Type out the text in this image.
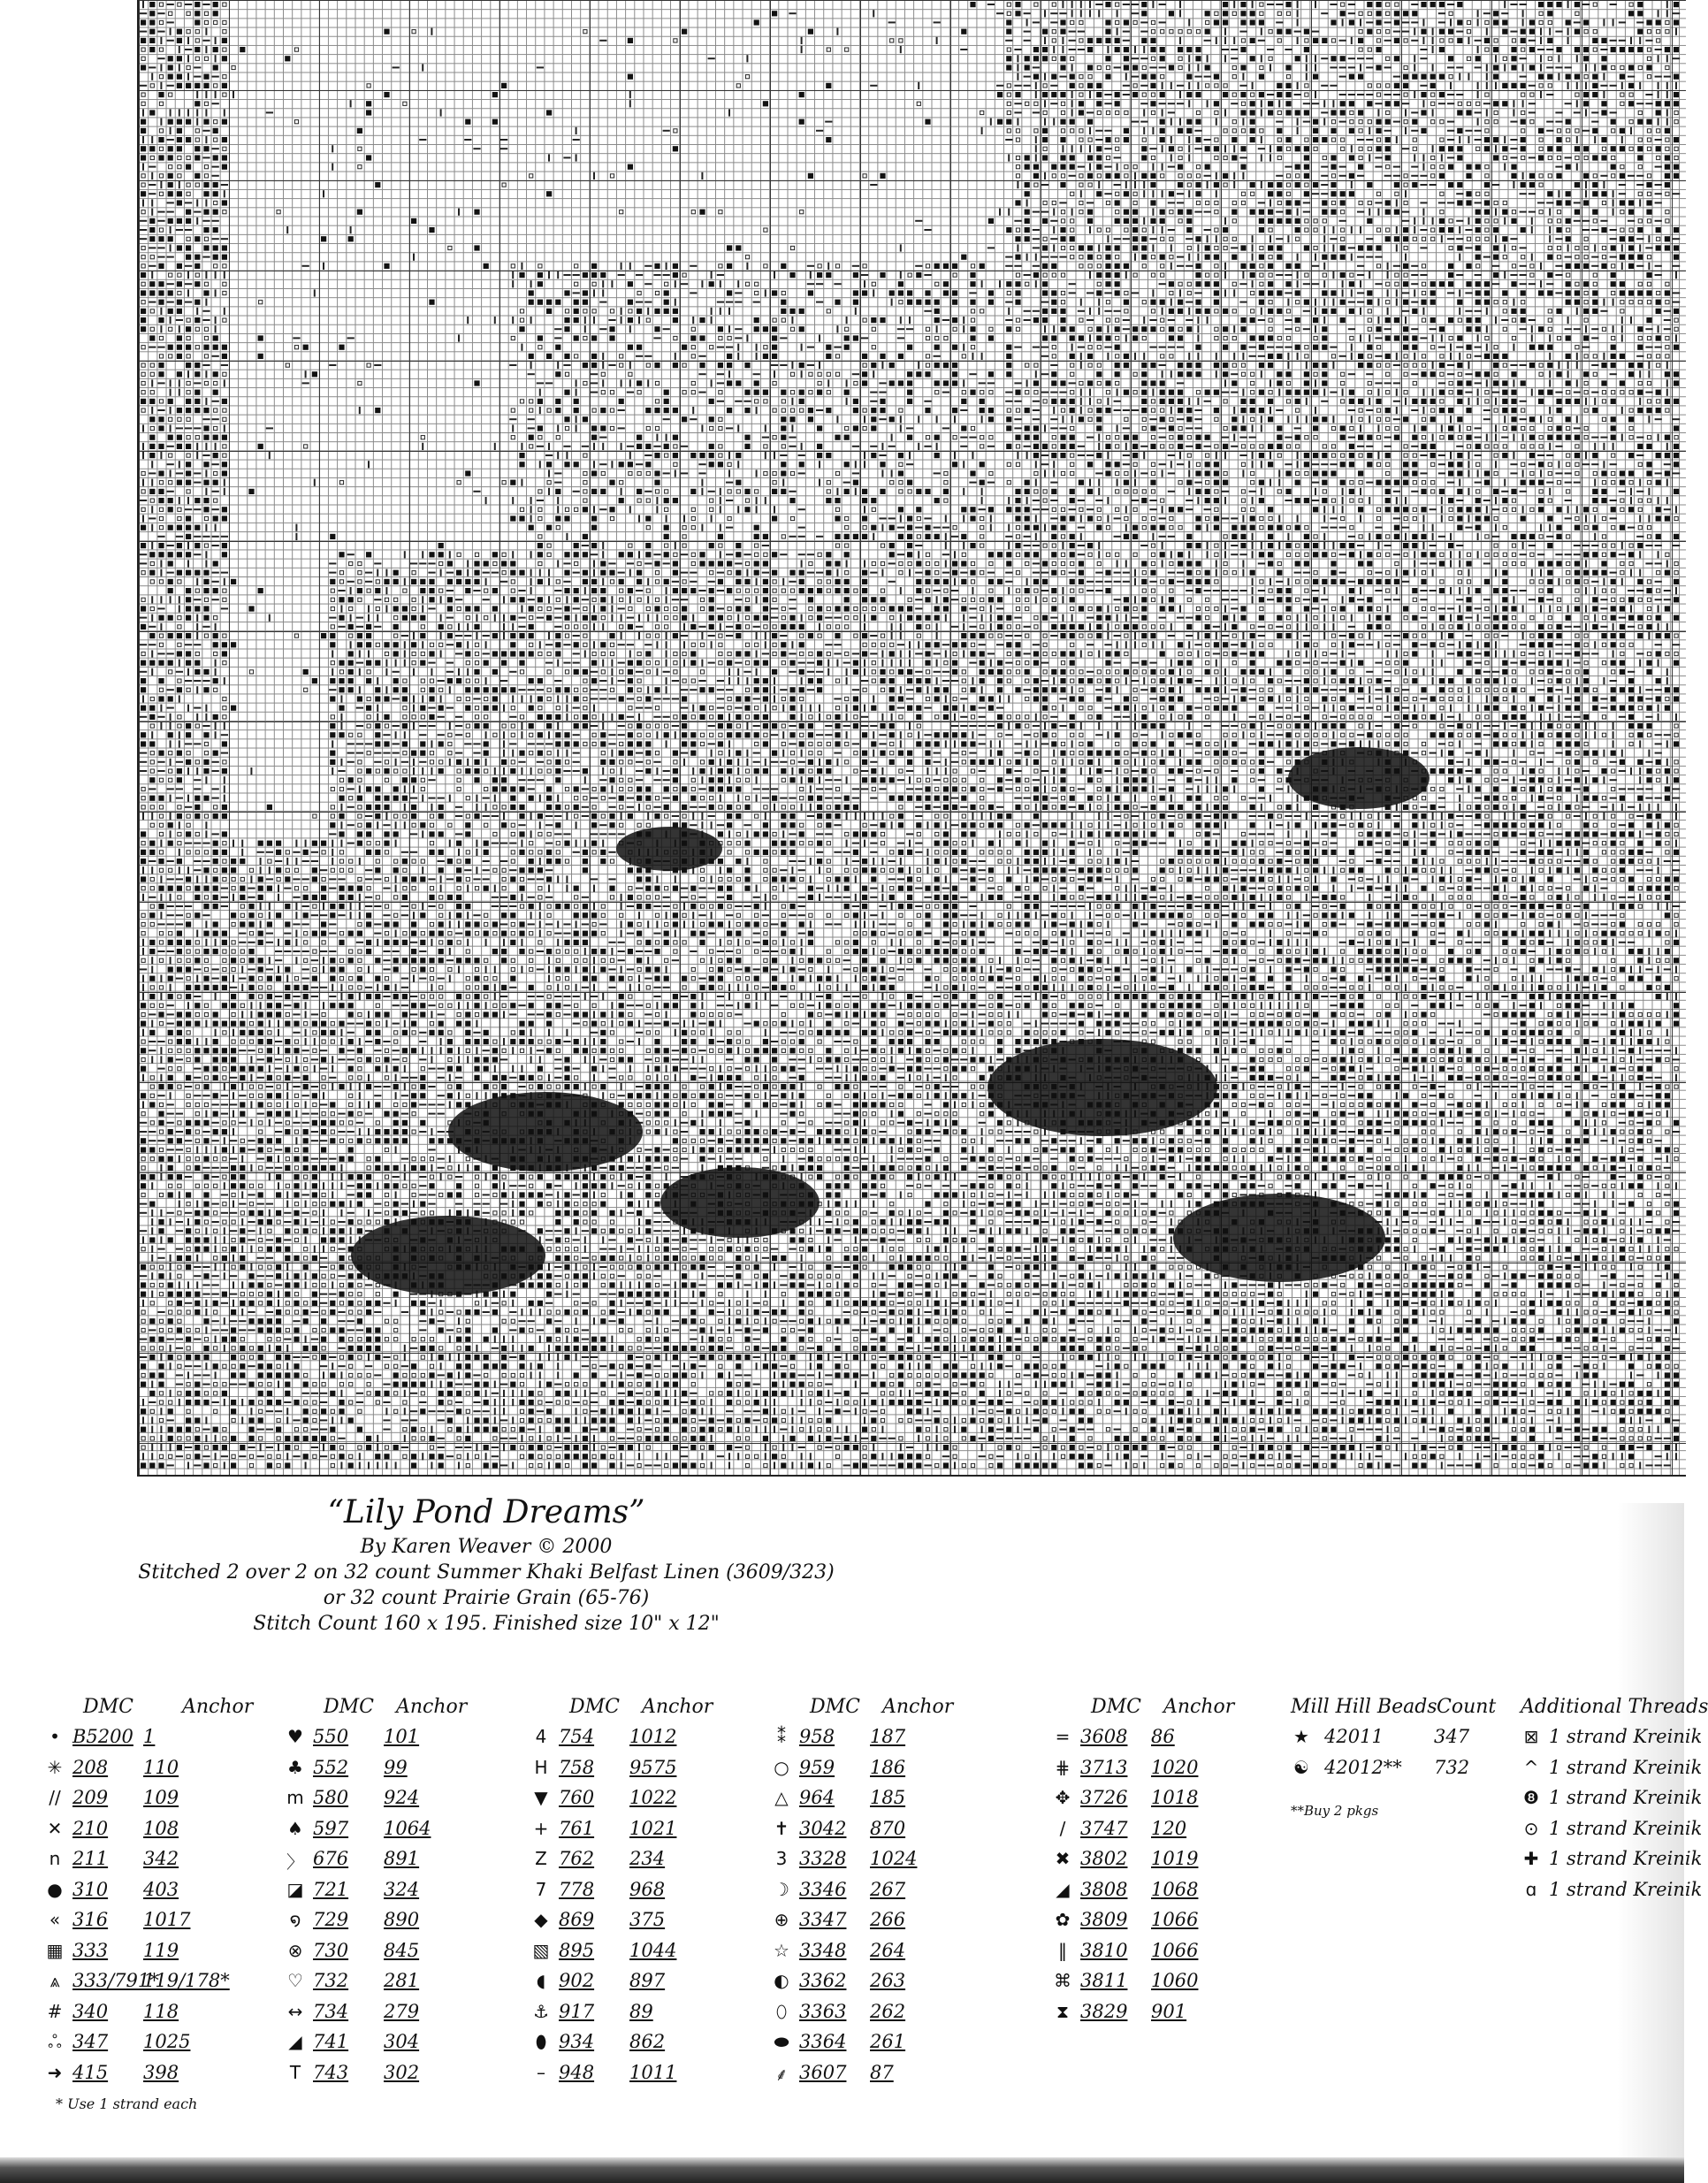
“Lily Pond Dreams”
By Karen Weaver © 2000
Stitched 2 over 2 on 32 count Summer Khaki Belfast Linen (3609/323)
or 32 count Prairie Grain (65-76)
Stitch Count 160 x 195. Finished size 10" x 12"
DMC	Anchor
• B5200 1
✳ 208 110
// 209 109
✕ 210 108
n 211 342
● 310 403
« 316 1017
▦ 333 119
⩓ 333/791*
119/178*
# 340 118
ஃ 347 1025
➜ 415 398
DMC Anchor
♥ 550 101
♣ 552 99
m 580 924
♠ 597 1064
〉 676 891
◪ 721 324
໑ 729 890
⊗ 730 845
♡ 732 281
↔ 734 279
◢ 741 304
T 743 302
DMC Anchor
4 754 1012
H 758 9575
▼ 760 1022
+ 761 1021
Z 762 234
7 778 968
◆ 869 375
▧ 895 1044
◖ 902 897
⚓ 917 89
⬮ 934 862
– 948 1011
DMC Anchor
⁑ 958 187
○ 959 186
△ 964 185
✝ 3042 870
3 3328 1024
☽ 3346 267
⊕ 3347 266
☆ 3348 264
◐ 3362 263
⬯ 3363 262
⬬ 3364 261
⸙ 3607 87
DMC Anchor
= 3608 86
⋕ 3713 1020
✥ 3726 1018
/ 3747 120
✖ 3802 1019
◢ 3808 1068
✿ 3809 1066
‖ 3810 1066
⌘ 3811 1060
⧗ 3829 901
* Use 1 strand each
Mill Hill Beads Count
★ 42011	347
☯ 42012** 732
**Buy 2 pkgs
Additional Threads
⊠ 1 strand Kreinik
^ 1 strand Kreinik
❽ 1 strand Kreinik
⊙ 1 strand Kreinik
✚ 1 strand Kreinik
ɑ 1 strand Kreinik
